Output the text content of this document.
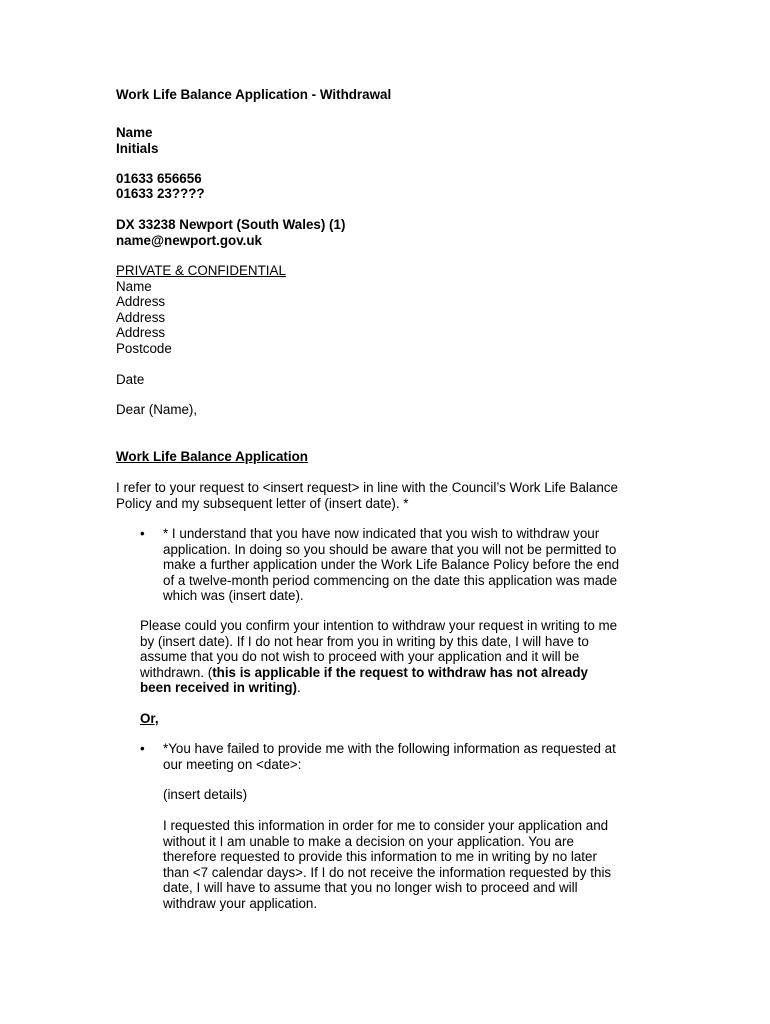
Work Life Balance Application - Withdrawal
Name
Initials
01633 656656
01633 23????
DX 33238 Newport (South Wales) (1)
name@newport.gov.uk
PRIVATE & CONFIDENTIAL
Name
Address
Address
Address
Postcode
Date
Dear (Name),
Work Life Balance Application
I refer to your request to <insert request> in line with the Council’s Work Life Balance
Policy and my subsequent letter of (insert date). *
• * I understand that you have now indicated that you wish to withdraw your
application. In doing so you should be aware that you will not be permitted to
make a further application under the Work Life Balance Policy before the end
of a twelve-month period commencing on the date this application was made
which was (insert date).
Please could you confirm your intention to withdraw your request in writing to me
by (insert date). If I do not hear from you in writing by this date, I will have to
assume that you do not wish to proceed with your application and it will be
withdrawn. (this is applicable if the request to withdraw has not already
been received in writing).
Or,
• *You have failed to provide me with the following information as requested at
our meeting on <date>:
(insert details)
I requested this information in order for me to consider your application and
without it I am unable to make a decision on your application. You are
therefore requested to provide this information to me in writing by no later
than <7 calendar days>. If I do not receive the information requested by this
date, I will have to assume that you no longer wish to proceed and will
withdraw your application.
